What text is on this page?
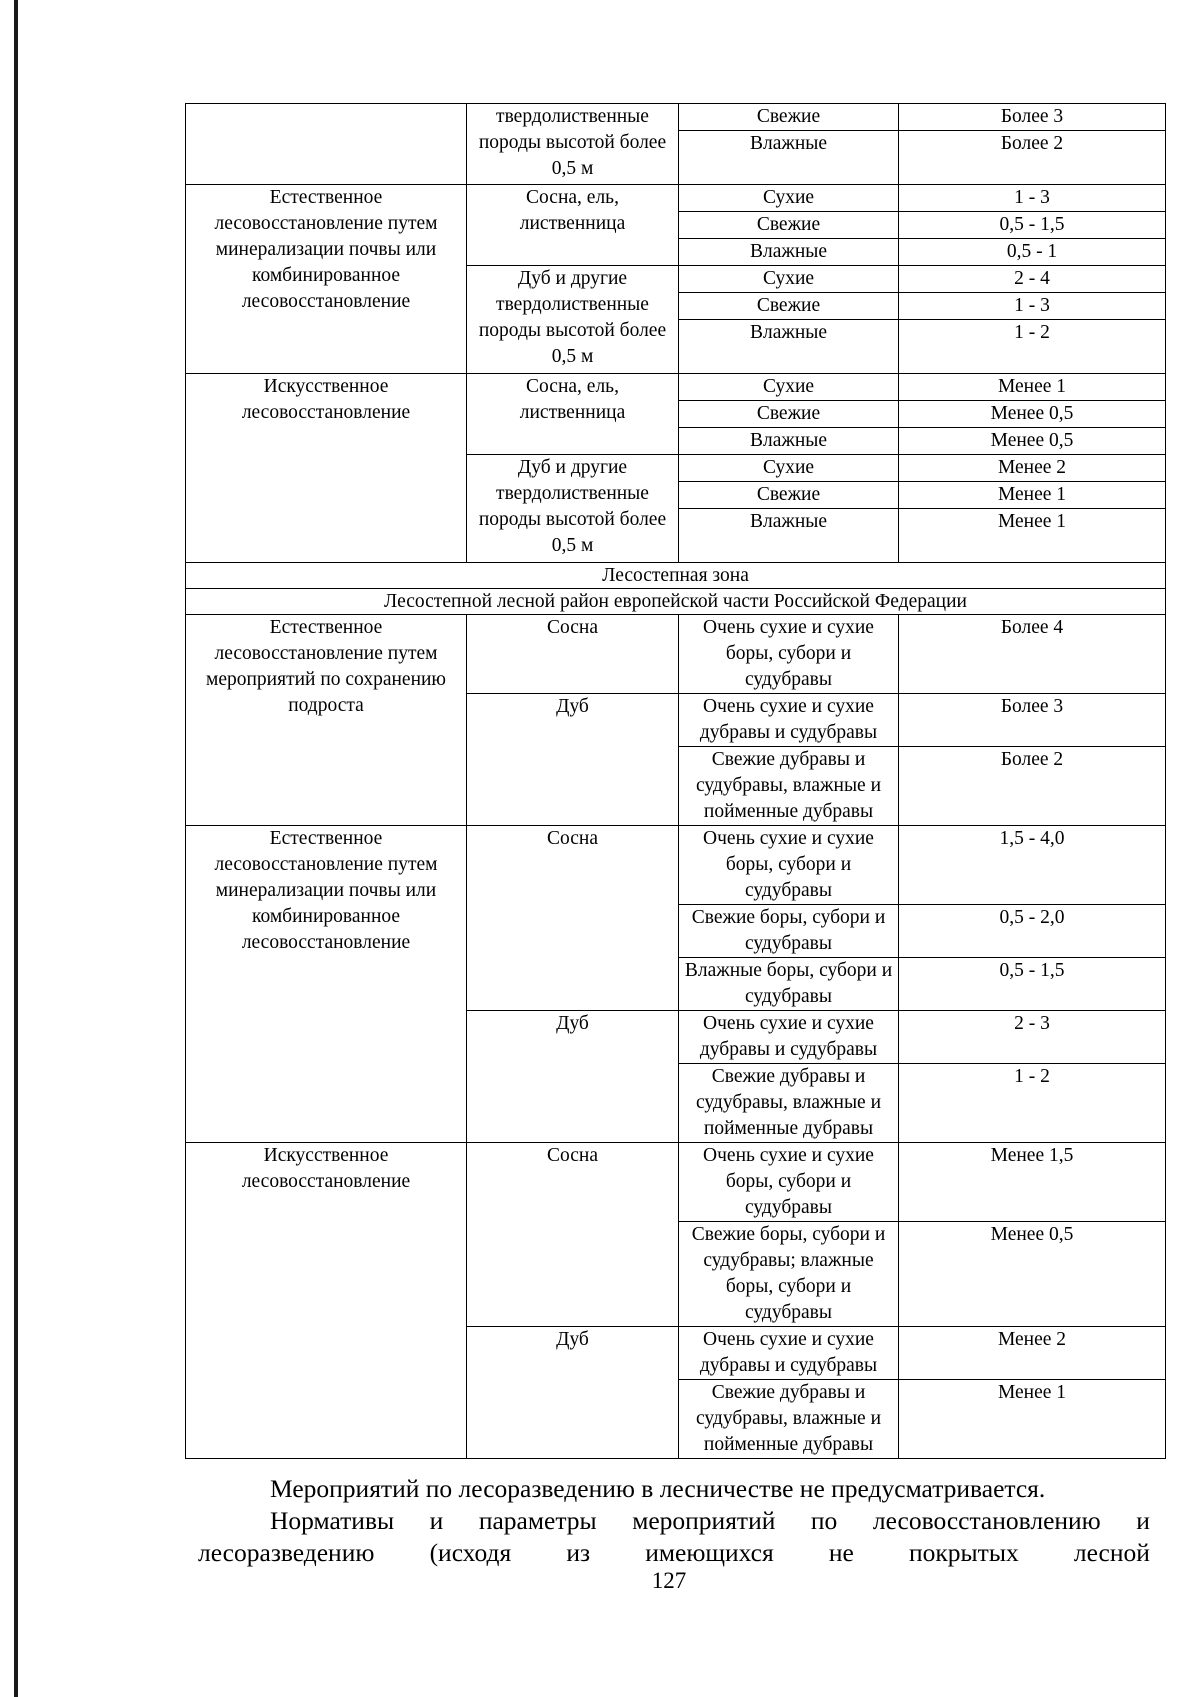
	твердолиственные породы высотой более 0,5 м	Свежие	Более 3
		Влажные	Более 2
Естественное лесовосстановление путем минерализации почвы или комбинированное лесовосстановление	Сосна, ель, лиственница	Сухие	1 - 3
		Свежие	0,5 - 1,5
		Влажные	0,5 - 1
	Дуб и другие твердолиственные породы высотой более 0,5 м	Сухие	2 - 4
		Свежие	1 - 3
		Влажные	1 - 2
Искусственное лесовосстановление	Сосна, ель, лиственница	Сухие	Менее 1
		Свежие	Менее 0,5
		Влажные	Менее 0,5
	Дуб и другие твердолиственные породы высотой более 0,5 м	Сухие	Менее 2
		Свежие	Менее 1
		Влажные	Менее 1
Лесостепная зона			
Лесостепной лесной район европейской части Российской Федерации			
Естественное лесовосстановление путем мероприятий по сохранению подроста	Сосна	Очень сухие и сухие боры, субори и судубравы	Более 4
	Дуб	Очень сухие и сухие дубравы и судубравы	Более 3
		Свежие дубравы и судубравы, влажные и пойменные дубравы	Более 2
Естественное лесовосстановление путем минерализации почвы или комбинированное лесовосстановление	Сосна	Очень сухие и сухие боры, субори и судубравы	1,5 - 4,0
		Свежие боры, субори и судубравы	0,5 - 2,0
		Влажные боры, субори и судубравы	0,5 - 1,5
	Дуб	Очень сухие и сухие дубравы и судубравы	2 - 3
		Свежие дубравы и судубравы, влажные и пойменные дубравы	1 - 2
Искусственное лесовосстановление	Сосна	Очень сухие и сухие боры, субори и судубравы	Менее 1,5
		Свежие боры, субори и судубравы; влажные боры, субори и судубравы	Менее 0,5
	Дуб	Очень сухие и сухие дубравы и судубравы	Менее 2
		Свежие дубравы и судубравы, влажные и пойменные дубравы	Менее 1
Мероприятий по лесоразведению в лесничестве не предусматривается.
Нормативы и параметры мероприятий по лесовосстановлению и
лесоразведению (исходя из имеющихся не покрытых лесной
127
